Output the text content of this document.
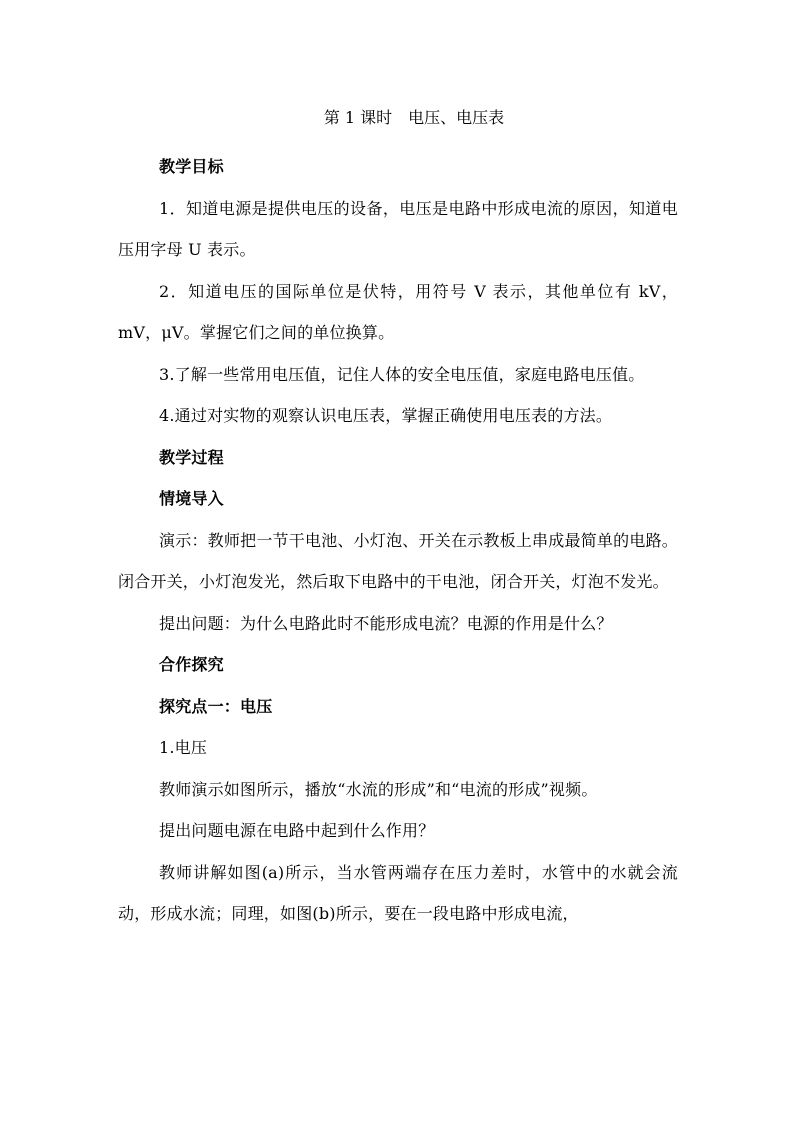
第 1 课时　电压、电压表

教学目标

1．知道电源是提供电压的设备，电压是电路中形成电流的原因，知道电压用字母 U 表示。

2．知道电压的国际单位是伏特，用符号 V 表示，其他单位有 kV，mV，μV。掌握它们之间的单位换算。

3.了解一些常用电压值，记住人体的安全电压值，家庭电路电压值。

4.通过对实物的观察认识电压表，掌握正确使用电压表的方法。

教学过程

情境导入

演示：教师把一节干电池、小灯泡、开关在示教板上串成最简单的电路。闭合开关，小灯泡发光，然后取下电路中的干电池，闭合开关，灯泡不发光。

提出问题：为什么电路此时不能形成电流？电源的作用是什么？

合作探究

探究点一：电压

1.电压

教师演示如图所示，播放“水流的形成”和“电流的形成”视频。

提出问题电源在电路中起到什么作用？

教师讲解如图(a)所示，当水管两端存在压力差时，水管中的水就会流动，形成水流；同理，如图(b)所示，要在一段电路中形成电流，
